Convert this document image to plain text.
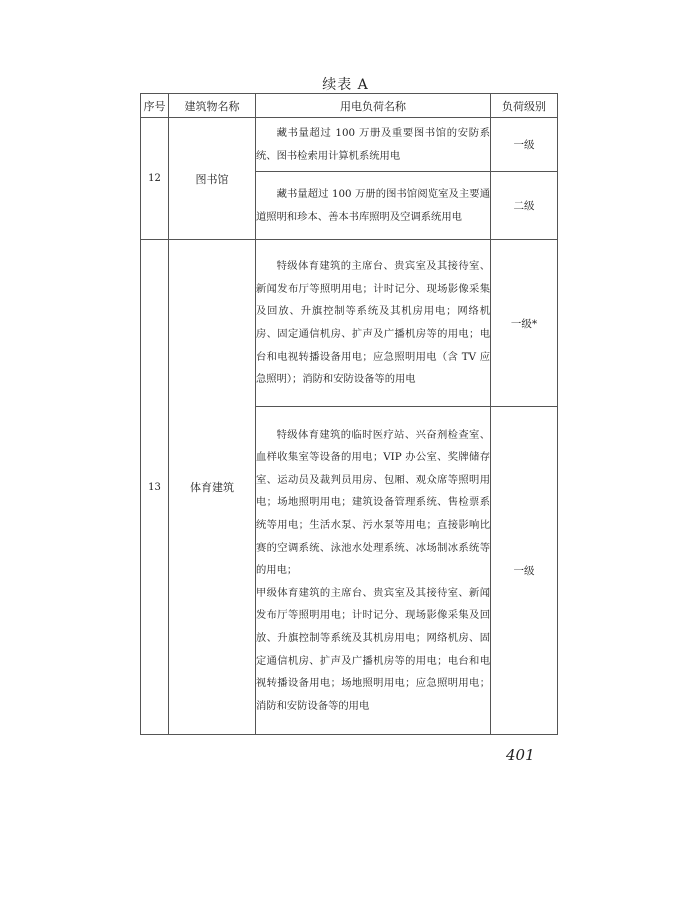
续表 A
序号	建筑物名称	用电负荷名称	负荷级别
12	图书馆	藏书量超过 100 万册及重要图书馆的安防系统、图书检索用计算机系统用电	一级

		藏书量超过 100 万册的图书馆阅览室及主要通道照明和珍本、善本书库照明及空调系统用电	二级
13	体育建筑	特级体育建筑的主席台、贵宾室及其接待室、新闻发布厅等照明用电；计时记分、现场影像采集及回放、升旗控制等系统及其机房用电；网络机房、固定通信机房、扩声及广播机房等的用电；电台和电视转播设备用电；应急照明用电（含 TV 应急照明）；消防和安防设备等的用电	一级*

		特级体育建筑的临时医疗站、兴奋剂检查室、血样收集室等设备的用电；VIP 办公室、奖牌储存室、运动员及裁判员用房、包厢、观众席等照明用电；场地照明用电；建筑设备管理系统、售检票系统等用电；生活水泵、污水泵等用电；直接影响比赛的空调系统、泳池水处理系统、冰场制冰系统等的用电；

甲级体育建筑的主席台、贵宾室及其接待室、新闻发布厅等照明用电；计时记分、现场影像采集及回放、升旗控制等系统及其机房用电；网络机房、固定通信机房、扩声及广播机房等的用电；电台和电视转播设备用电；场地照明用电；应急照明用电；消防和安防设备等的用电	一级
401
